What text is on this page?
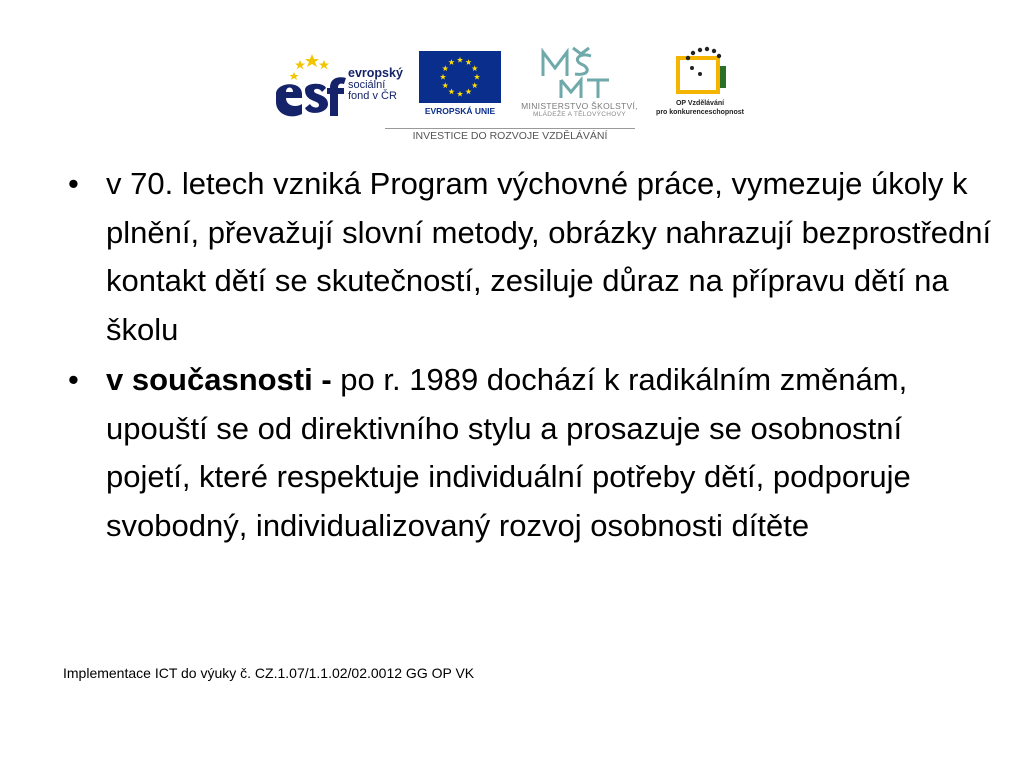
evropský
sociální
fond v ČR
EVROPSKÁ UNIE	MINISTERSTVO ŠKOLSTVÍ,
MLÁDEŽE A TĚLOVÝCHOVY
OP Vzdělávání
pro konkurenceschopnost
INVESTICE DO ROZVOJE VZDĚLÁVÁNÍ
• v 70. letech vzniká Program výchovné práce, vymezuje úkoly k plnění, převažují slovní metody, obrázky nahrazují bezprostřední kontakt dětí se skutečností, zesiluje důraz na přípravu dětí na školu
• v současnosti - po r. 1989 dochází k radikálním změnám, upouští se od direktivního stylu a prosazuje se osobnostní pojetí, které respektuje individuální potřeby dětí, podporuje svobodný, individualizovaný rozvoj osobnosti dítěte
Implementace ICT do výuky č. CZ.1.07/1.1.02/02.0012 GG OP VK
